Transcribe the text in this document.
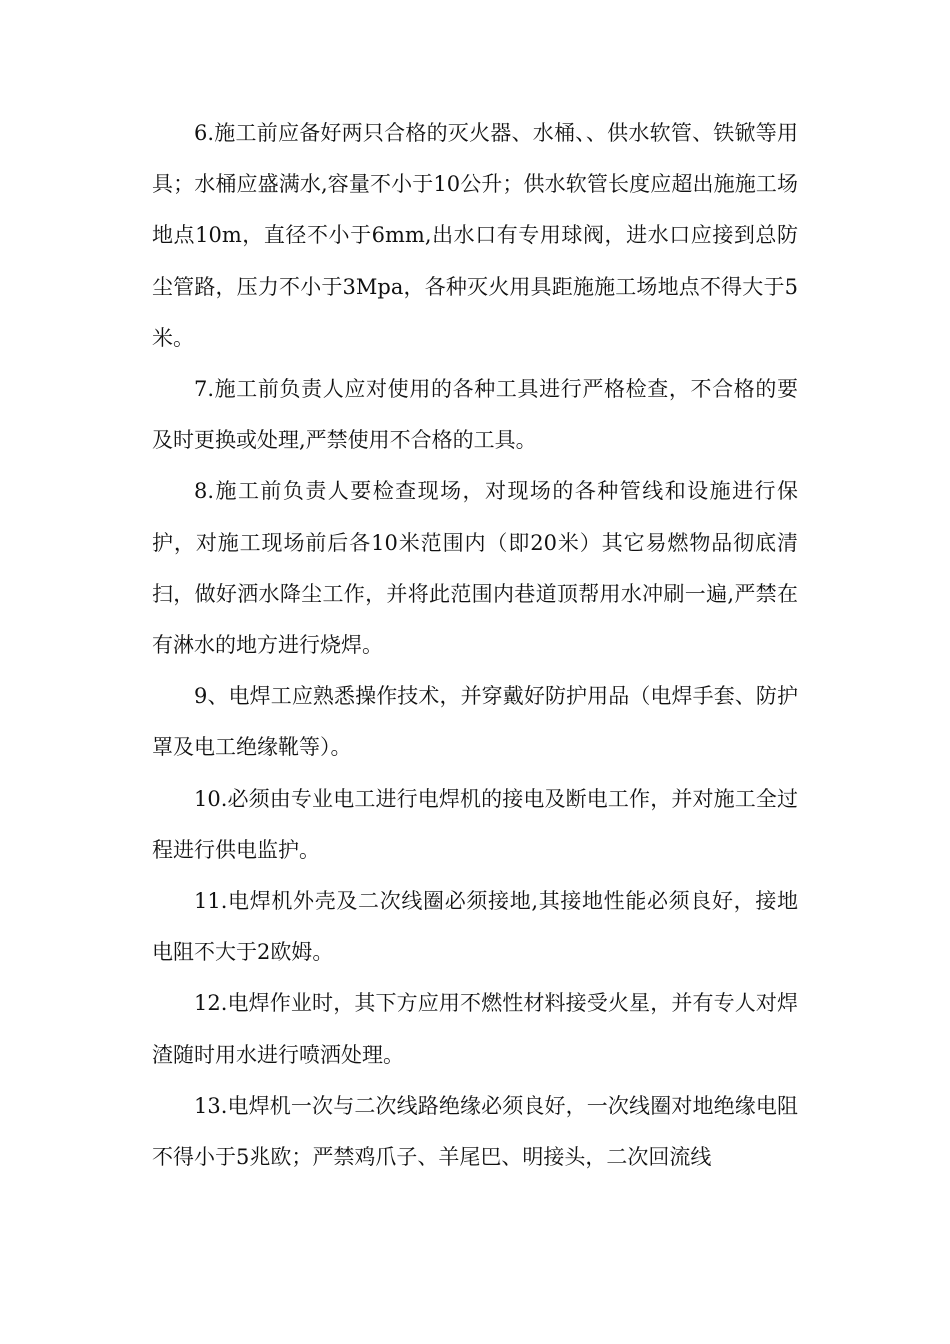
6.施工前应备好两只合格的灭火器、水桶、、供水软管、铁锨等用具；水桶应盛满水,容量不小于10公升；供水软管长度应超出施施工场地点10m，直径不小于6mm,出水口有专用球阀，进水口应接到总防尘管路，压力不小于3Mpa，各种灭火用具距施施工场地点不得大于5米。

7.施工前负责人应对使用的各种工具进行严格检查，不合格的要及时更换或处理,严禁使用不合格的工具。

8.施工前负责人要检查现场，对现场的各种管线和设施进行保护，对施工现场前后各10米范围内（即20米）其它易燃物品彻底清扫，做好洒水降尘工作，并将此范围内巷道顶帮用水冲刷一遍,严禁在有淋水的地方进行烧焊。

9、电焊工应熟悉操作技术，并穿戴好防护用品（电焊手套、防护罩及电工绝缘靴等）。

10.必须由专业电工进行电焊机的接电及断电工作，并对施工全过程进行供电监护。

11.电焊机外壳及二次线圈必须接地,其接地性能必须良好，接地电阻不大于2欧姆。

12.电焊作业时，其下方应用不燃性材料接受火星，并有专人对焊渣随时用水进行喷洒处理。

13.电焊机一次与二次线路绝缘必须良好，一次线圈对地绝缘电阻不得小于5兆欧；严禁鸡爪子、羊尾巴、明接头，二次回流线
